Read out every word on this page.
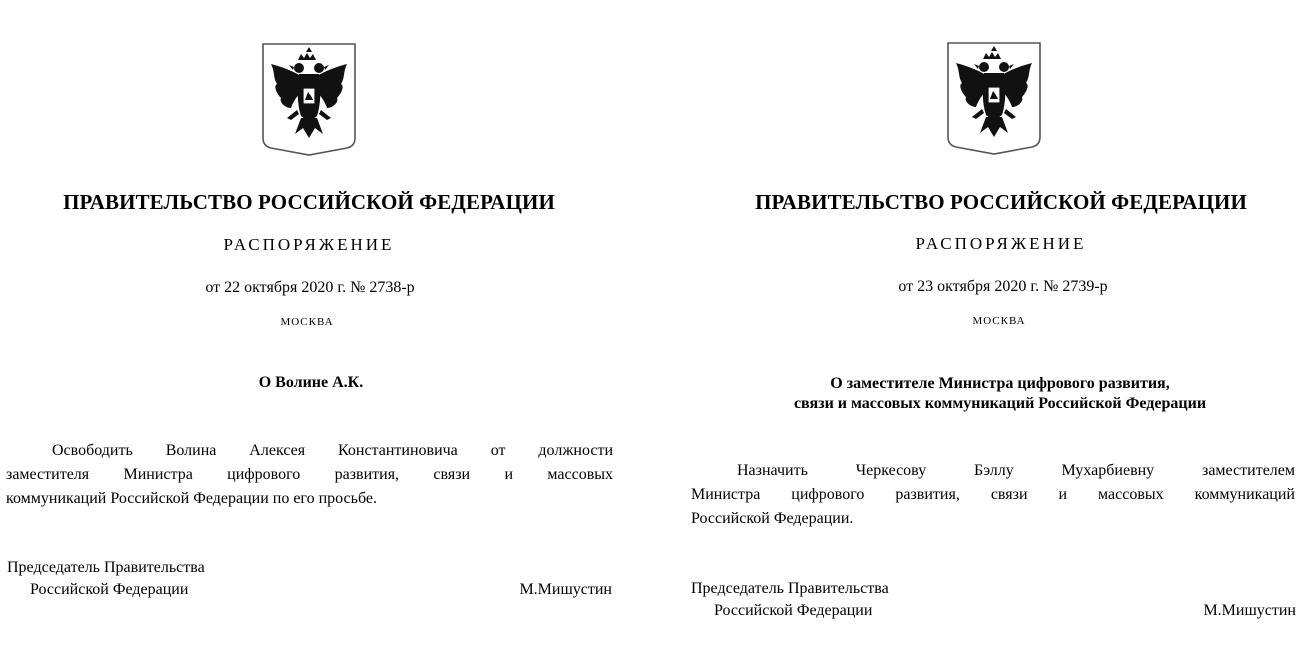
ПРАВИТЕЛЬСТВО РОССИЙСКОЙ ФЕДЕРАЦИИ
РАСПОРЯЖЕНИЕ
от 22 октября 2020 г. № 2738-р
МОСКВА
О Волине А.К.
Освободить Волина Алексея Константиновича от должности
заместителя Министра цифрового развития, связи и массовых
коммуникаций Российской Федерации по его просьбе.
Председатель Правительства
Российской Федерации	М.Мишустин
ПРАВИТЕЛЬСТВО РОССИЙСКОЙ ФЕДЕРАЦИИ
РАСПОРЯЖЕНИЕ
от 23 октября 2020 г. № 2739-р
МОСКВА
О заместителе Министра цифрового развития,
связи и массовых коммуникаций Российской Федерации
Назначить Черкесову Бэллу Мухарбиевну заместителем
Министра цифрового развития, связи и массовых коммуникаций
Российской Федерации.
Председатель Правительства
Российской Федерации	М.Мишустин
